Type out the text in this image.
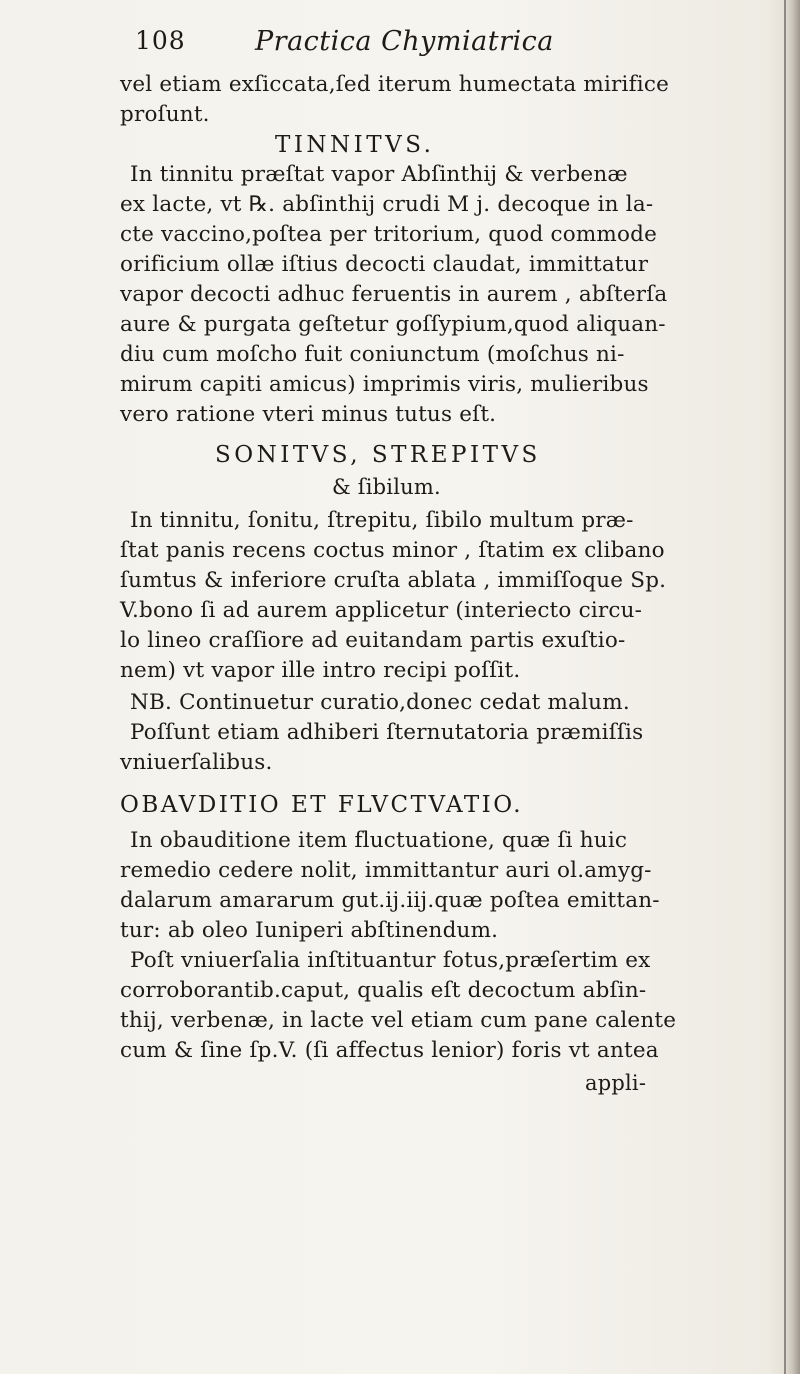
108	Practica Chymiatrica
vel etiam exſiccata,ſed iterum humectata mirifice
proſunt.
TINNITVS.
In tinnitu præſtat vapor Abſinthij & verbenæ
ex lacte, vt ℞. abſinthij crudi M j. decoque in la-
cte vaccino,poſtea per tritorium, quod commode
orificium ollæ iſtius decocti claudat, immittatur
vapor decocti adhuc feruentis in aurem , abſterſa
aure & purgata geſtetur goſſypium,quod aliquan-
diu cum moſcho fuit coniunctum (moſchus ni-
mirum capiti amicus) imprimis viris, mulieribus
vero ratione vteri minus tutus eſt.
SONITVS, STREPITVS
& ſibilum.
In tinnitu, ſonitu, ſtrepitu, ſibilo multum præ-
ſtat panis recens coctus minor , ſtatim ex clibano
ſumtus & inferiore cruſta ablata , immiſſoque Sp.
V.bono ſi ad aurem applicetur (interiecto circu-
lo lineo craſſiore ad euitandam partis exuſtio-
nem) vt vapor ille intro recipi poſſit.
NB. Continuetur curatio,donec cedat malum.
Poſſunt etiam adhiberi ſternutatoria præmiſſis
vniuerſalibus.
OBAVDITIO ET FLVCTVATIO.
In obauditione item fluctuatione, quæ ſi huic
remedio cedere nolit, immittantur auri ol.amyg-
dalarum amararum gut.ij.iij.quæ poſtea emittan-
tur: ab oleo Iuniperi abſtinendum.
Poſt vniuerſalia inſtituantur fotus,præſertim ex
corroborantib.caput, qualis eſt decoctum abſin-
thij, verbenæ, in lacte vel etiam cum pane calente
cum & ſine ſp.V. (ſi affectus lenior) foris vt antea
appli-
